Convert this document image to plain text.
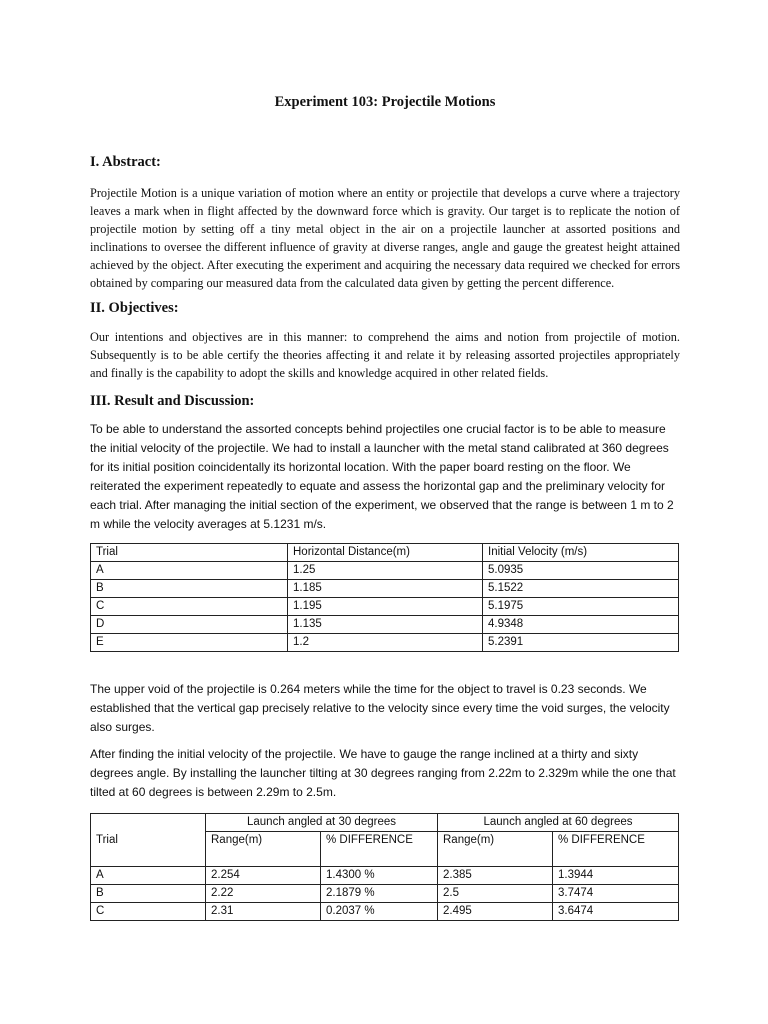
Experiment 103: Projectile Motions
I. Abstract:
Projectile Motion is a unique variation of motion where an entity or projectile that develops a curve where a trajectory leaves a mark when in flight affected by the downward force which is gravity. Our target is to replicate the notion of projectile motion by setting off a tiny metal object in the air on a projectile launcher at assorted positions and inclinations to oversee the different influence of gravity at diverse ranges, angle and gauge the greatest height attained achieved by the object. After executing the experiment and acquiring the necessary data required we checked for errors obtained by comparing our measured data from the calculated data given by getting the percent difference.
II. Objectives:
Our intentions and objectives are in this manner: to comprehend the aims and notion from projectile of motion. Subsequently is to be able certify the theories affecting it and relate it by releasing assorted projectiles appropriately and finally is the capability to adopt the skills and knowledge acquired in other related fields.
III. Result and Discussion:
To be able to understand the assorted concepts behind projectiles one crucial factor is to be able to measure the initial velocity of the projectile. We had to install a launcher with the metal stand calibrated at 360 degrees for its initial position coincidentally its horizontal location. With the paper board resting on the floor. We reiterated the experiment repeatedly to equate and assess the horizontal gap and the preliminary velocity for each trial. After managing the initial section of the experiment, we observed that the range is between 1 m to 2 m while the velocity averages at 5.1231 m/s.
Trial	Horizontal Distance(m)	Initial Velocity (m/s)
A	1.25	5.0935
B	1.185	5.1522
C	1.195	5.1975
D	1.135	4.9348
E	1.2	5.2391
The upper void of the projectile is 0.264 meters while the time for the object to travel is 0.23 seconds. We established that the vertical gap precisely relative to the velocity since every time the void surges, the velocity also surges.
After finding the initial velocity of the projectile. We have to gauge the range inclined at a thirty and sixty degrees angle. By installing the launcher tilting at 30 degrees ranging from 2.22m to 2.329m while the one that tilted at 60 degrees is between 2.29m to 2.5m.
	Launch angled at 30 degrees		Launch angled at 60 degrees	
Trial	Range(m)	% DIFFERENCE	Range(m)	% DIFFERENCE
A	2.254	1.4300 %	2.385	1.3944
B	2.22	2.1879 %	2.5	3.7474
C	2.31	0.2037 %	2.495	3.6474
